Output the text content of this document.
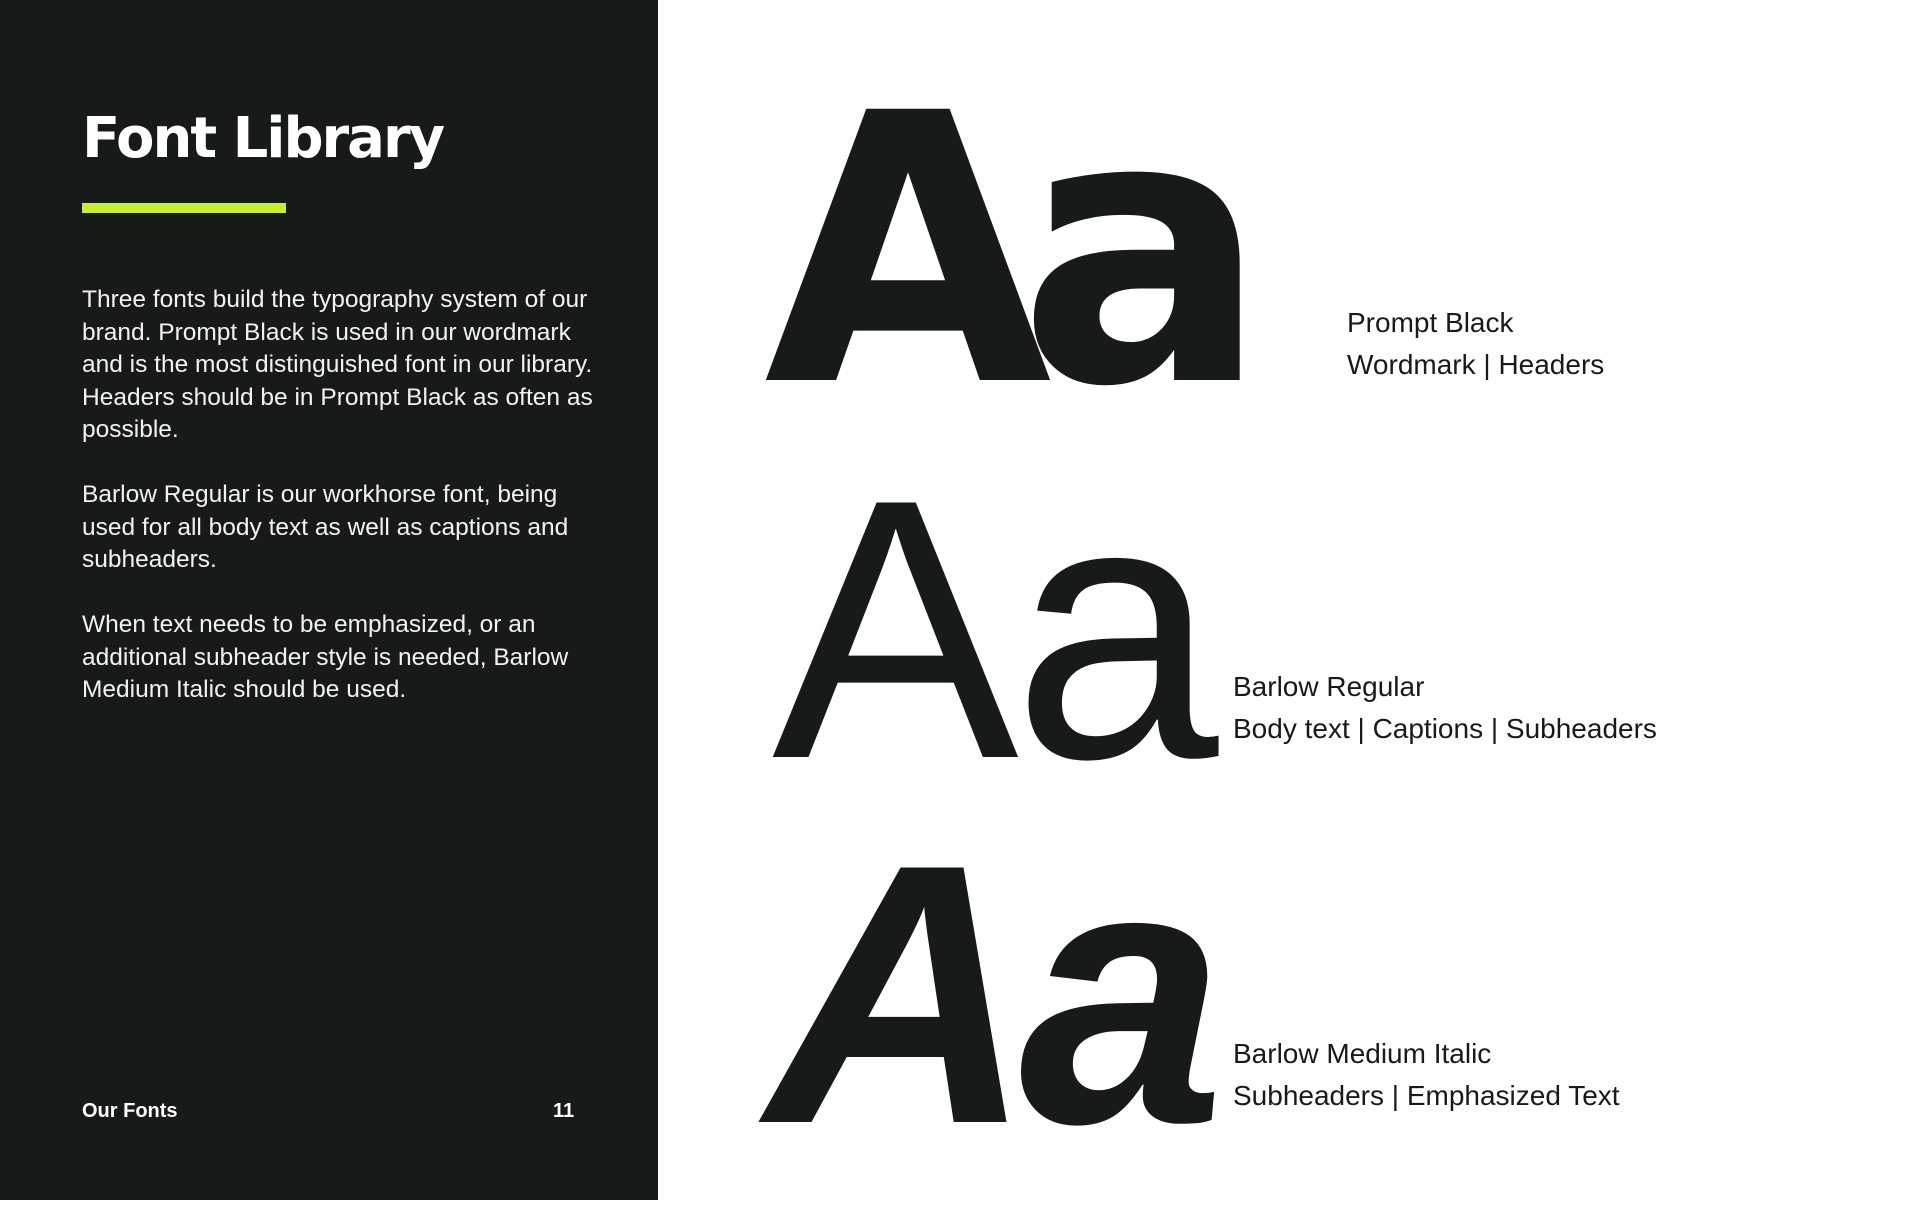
Font Library

Three fonts build the typography system of our brand. Prompt Black is used in our wordmark and is the most distinguished font in our library. Headers should be in Prompt Black as often as possible.

Barlow Regular is our workhorse font, being used for all body text as well as captions and subheaders.

When text needs to be emphasized, or an additional subheader style is needed, Barlow Medium Italic should be used.

Our Fonts	11
Aa	Prompt Black
Wordmark | Headers
Aa Barlow Regular
Body text | Captions | Subheaders
Aa Barlow Medium Italic
Subheaders | Emphasized Text
